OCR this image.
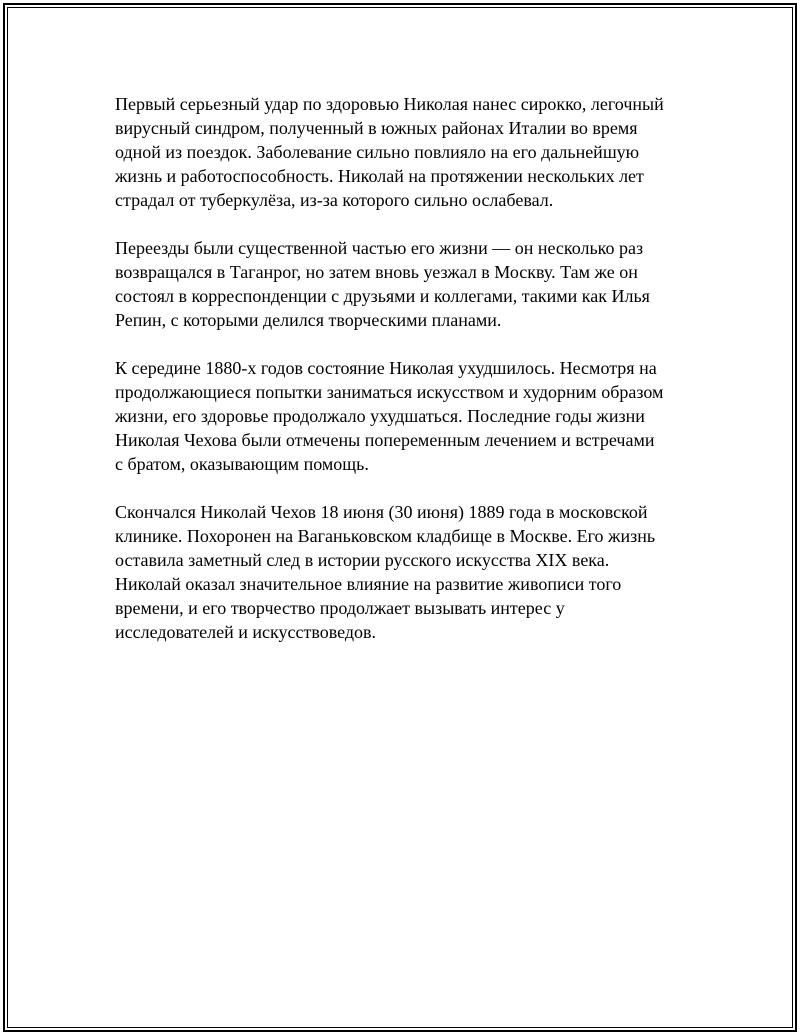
Первый серьезный удар по здоровью Николая нанес сирокко, легочный
вирусный синдром, полученный в южных районах Италии во время
одной из поездок. Заболевание сильно повлияло на его дальнейшую
жизнь и работоспособность. Николай на протяжении нескольких лет
страдал от туберкулёза, из-за которого сильно ослабевал.

Переезды были существенной частью его жизни — он несколько раз
возвращался в Таганрог, но затем вновь уезжал в Москву. Там же он
состоял в корреспонденции с друзьями и коллегами, такими как Илья
Репин, с которыми делился творческими планами.

К середине 1880-х годов состояние Николая ухудшилось. Несмотря на
продолжающиеся попытки заниматься искусством и худорним образом
жизни, его здоровье продолжало ухудшаться. Последние годы жизни
Николая Чехова были отмечены попеременным лечением и встречами
с братом, оказывающим помощь.

Скончался Николай Чехов 18 июня (30 июня) 1889 года в московской
клинике. Похоронен на Ваганьковском кладбище в Москве. Его жизнь
оставила заметный след в истории русского искусства XIX века.
Николай оказал значительное влияние на развитие живописи того
времени, и его творчество продолжает вызывать интерес у
исследователей и искусствоведов.
